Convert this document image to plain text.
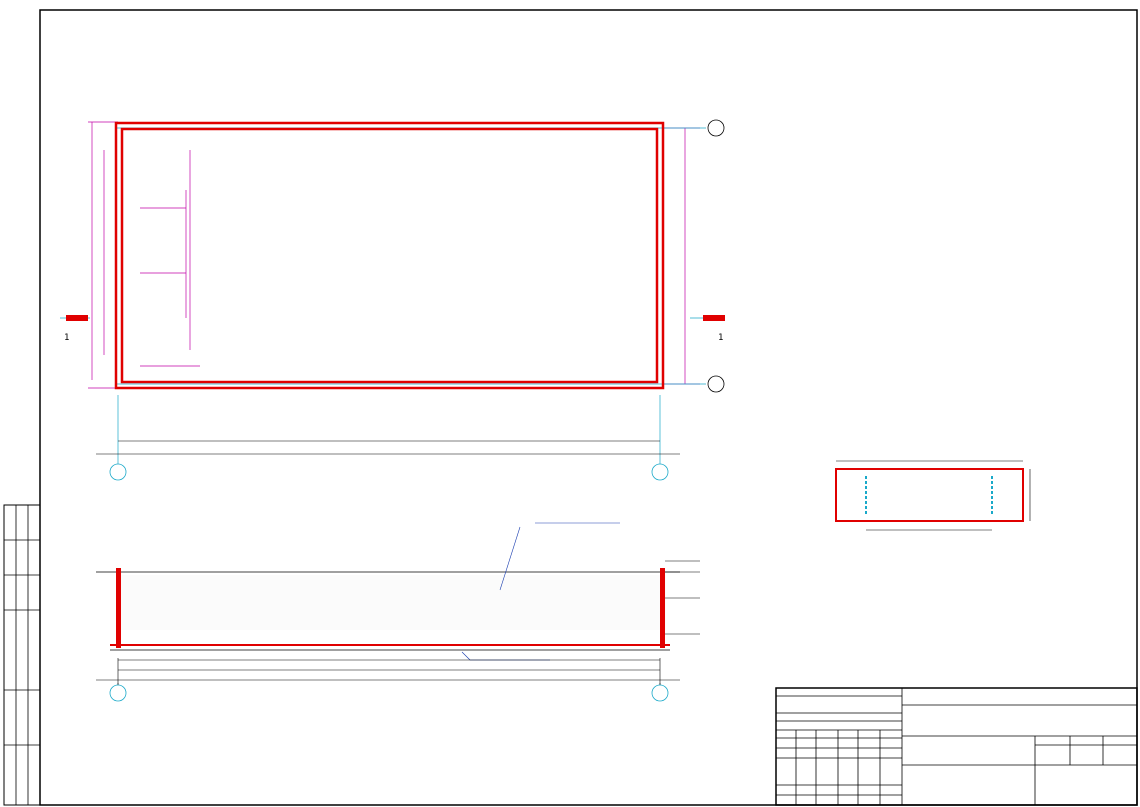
1	1
